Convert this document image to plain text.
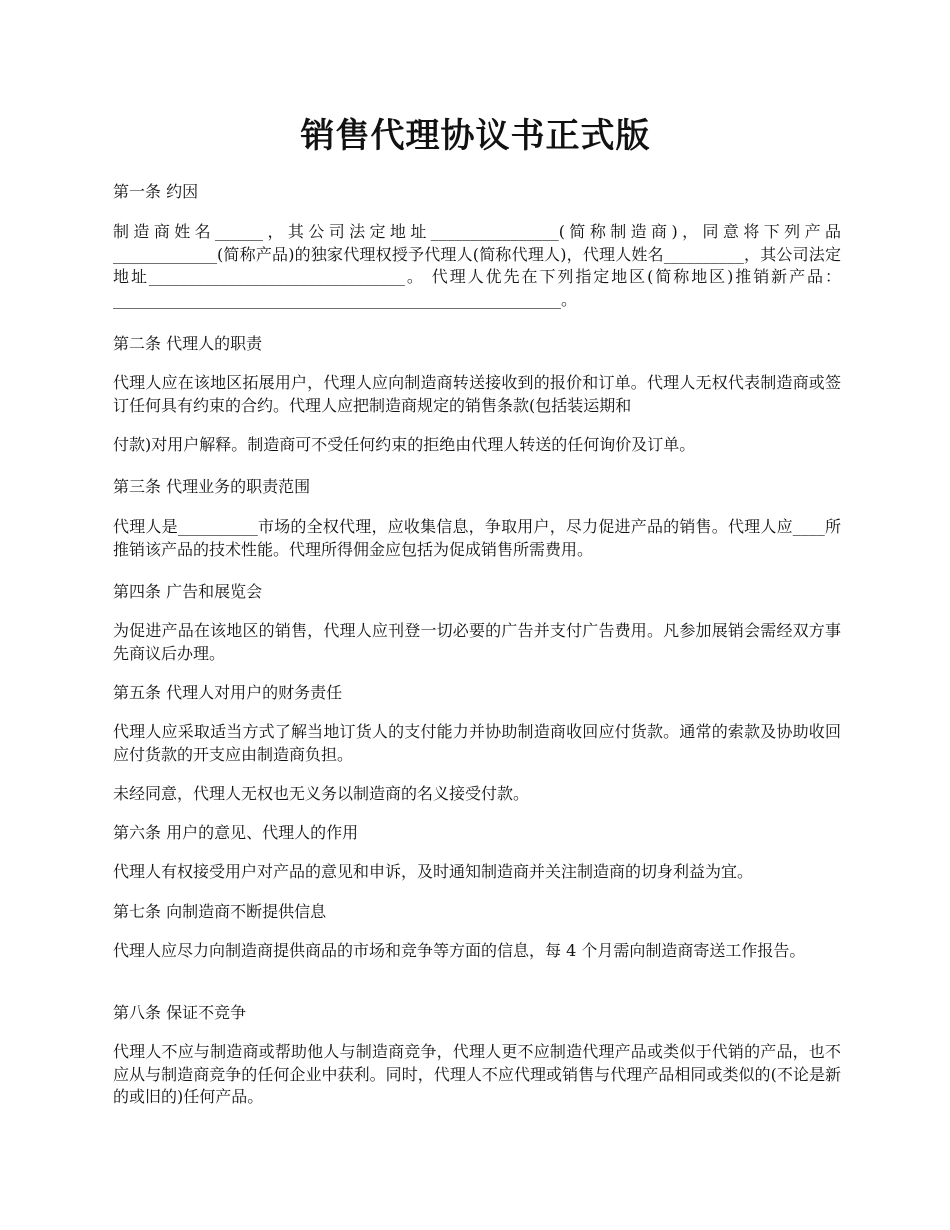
销售代理协议书正式版

第一条 约因

制造商姓名______，其公司法定地址________________(简称制造商)，同意将下列产品_____________(简称产品)的独家代理权授予代理人(简称代理人)，代理人姓名__________，其公司法定地址________________________________。 代理人优先在下列指定地区(简称地区)推销新产品：________________________________________________________。

第二条 代理人的职责

代理人应在该地区拓展用户，代理人应向制造商转送接收到的报价和订单。代理人无权代表制造商或签订任何具有约束的合约。代理人应把制造商规定的销售条款(包括装运期和

付款)对用户解释。制造商可不受任何约束的拒绝由代理人转送的任何询价及订单。

第三条 代理业务的职责范围

代理人是__________市场的全权代理，应收集信息，争取用户，尽力促进产品的销售。代理人应____所推销该产品的技术性能。代理所得佣金应包括为促成销售所需费用。

第四条 广告和展览会

为促进产品在该地区的销售，代理人应刊登一切必要的广告并支付广告费用。凡参加展销会需经双方事先商议后办理。

第五条 代理人对用户的财务责任

代理人应采取适当方式了解当地订货人的支付能力并协助制造商收回应付货款。通常的索款及协助收回应付货款的开支应由制造商负担。

未经同意，代理人无权也无义务以制造商的名义接受付款。

第六条 用户的意见、代理人的作用

代理人有权接受用户对产品的意见和申诉，及时通知制造商并关注制造商的切身利益为宜。

第七条 向制造商不断提供信息

代理人应尽力向制造商提供商品的市场和竞争等方面的信息，每 4 个月需向制造商寄送工作报告。

第八条 保证不竞争

代理人不应与制造商或帮助他人与制造商竞争，代理人更不应制造代理产品或类似于代销的产品，也不应从与制造商竞争的任何企业中获利。同时，代理人不应代理或销售与代理产品相同或类似的(不论是新的或旧的)任何产品。
